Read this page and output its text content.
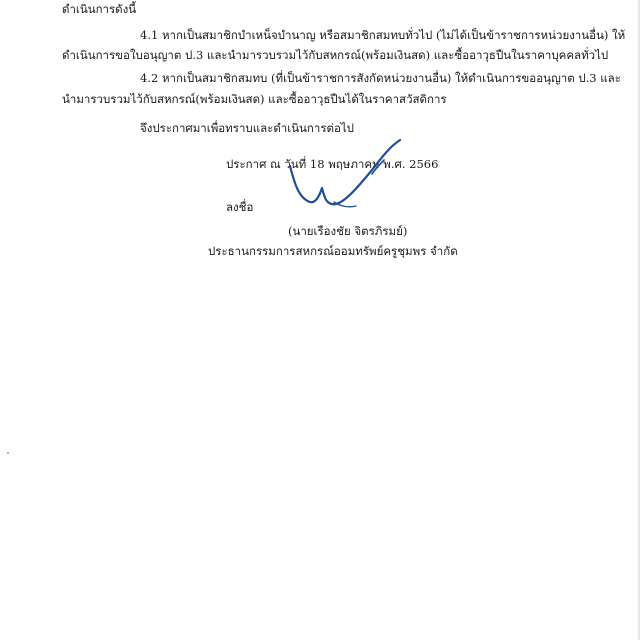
ดำเนินการดังนี้
4.1 หากเป็นสมาชิกบำเหน็จบำนาญ หรือสมาชิกสมทบทั่วไป (ไม่ได้เป็นข้าราชการหน่วยงานอื่น) ให้
ดำเนินการขอใบอนุญาต ป.3 และนำมารวบรวมไว้กับสหกรณ์(พร้อมเงินสด) และซื้ออาวุธปืนในราคาบุคคลทั่วไป
4.2 หากเป็นสมาชิกสมทบ (ที่เป็นข้าราชการสังกัดหน่วยงานอื่น) ให้ดำเนินการขออนุญาต ป.3 และ
นำมารวบรวมไว้กับสหกรณ์(พร้อมเงินสด) และซื้ออาวุธปืนได้ในราคาสวัสดิการ
จึงประกาศมาเพื่อทราบและดำเนินการต่อไป
ประกาศ ณ วันที่ 18 พฤษภาคม พ.ศ. 2566
ลงชื่อ
(นายเรืองชัย จิตรภิรมย์)
ประธานกรรมการสหกรณ์ออมทรัพย์ครูชุมพร จำกัด
